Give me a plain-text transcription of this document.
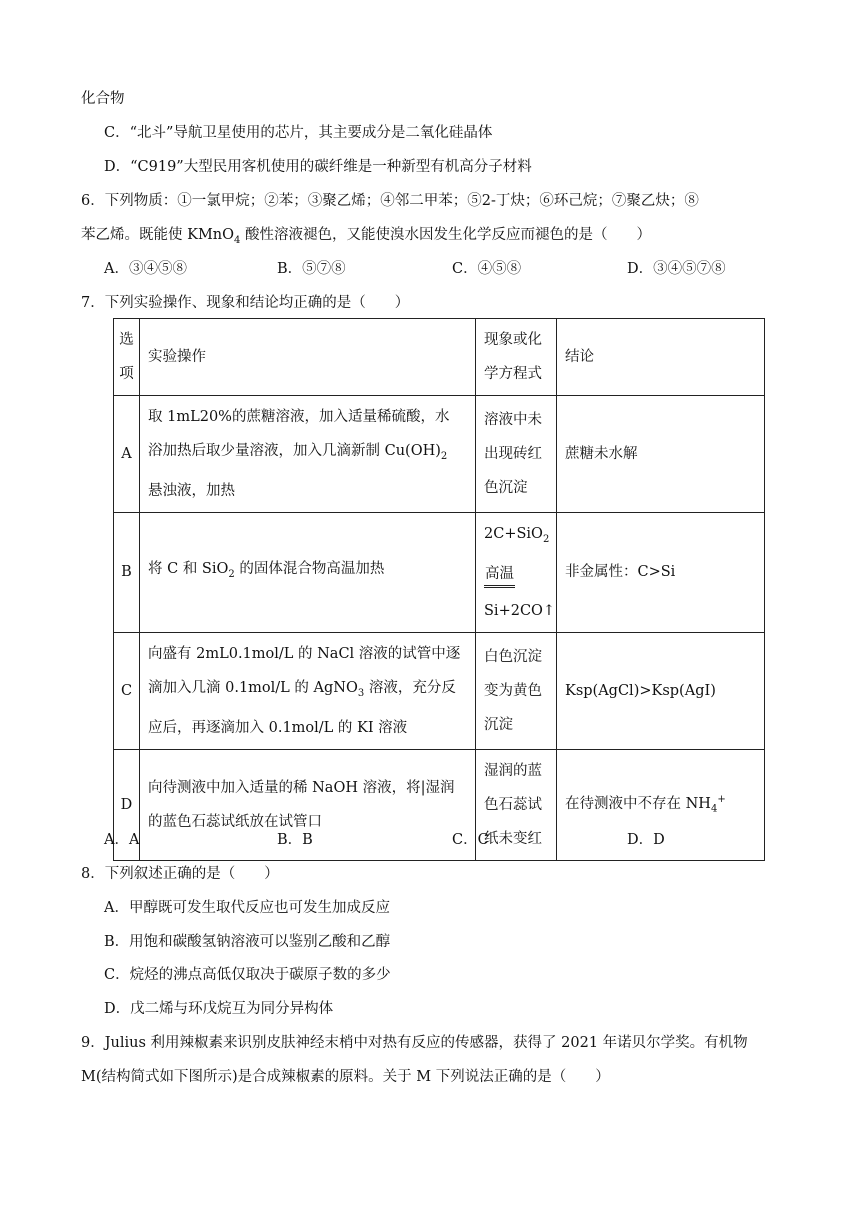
化合物
C．“北斗”导航卫星使用的芯片，其主要成分是二氧化硅晶体
D．“C919”大型民用客机使用的碳纤维是一种新型有机高分子材料
6．下列物质：①一氯甲烷；②苯；③聚乙烯；④邻二甲苯；⑤2-丁炔；⑥环己烷；⑦聚乙炔；⑧
苯乙烯。既能使 KMnO$_4$ 酸性溶液褪色，又能使溴水因发生化学反应而褪色的是（　　）
A．③④⑤⑧	B．⑤⑦⑧	C．④⑤⑧	D．③④⑤⑦⑧
7．下列实验操作、现象和结论均正确的是（　　）
选
项	实验操作	现象或化
学方程式	结论
A	取 1mL20%的蔗糖溶液，加入适量稀硫酸，水
浴加热后取少量溶液，加入几滴新制 $Cu(OH)_2$
悬浊液，加热	溶液中未
出现砖红
色沉淀	蔗糖未水解
B	将 C 和 SiO$_2$ 的固体混合物高温加热	2C+SiO$_2$
高温
Si+2CO↑	非金属性：C>Si
C	向盛有 2mL0.1mol/L 的 NaCl 溶液的试管中逐
滴加入几滴 0.1mol/L 的 AgNO$_3$ 溶液，充分反
应后，再逐滴加入 0.1mol/L 的 KI 溶液	白色沉淀
变为黄色
沉淀	Ksp(AgCl)>Ksp(AgI)
D	向待测液中加入适量的稀 NaOH 溶液，将|湿润
的蓝色石蕊试纸放在试管口	湿润的蓝
色石蕊试
纸未变红	在待测液中不存在 $NH_4^+$
A．A	B．B	C．C	D．D
8．下列叙述正确的是（　　）
A．甲醇既可发生取代反应也可发生加成反应
B．用饱和碳酸氢钠溶液可以鉴别乙酸和乙醇
C．烷烃的沸点高低仅取决于碳原子数的多少
D．戊二烯与环戊烷互为同分异构体
9．Julius 利用辣椒素来识别皮肤神经末梢中对热有反应的传感器，获得了 2021 年诺贝尔学奖。有机物
M(结构简式如下图所示)是合成辣椒素的原料。关于 M 下列说法正确的是（　　）
